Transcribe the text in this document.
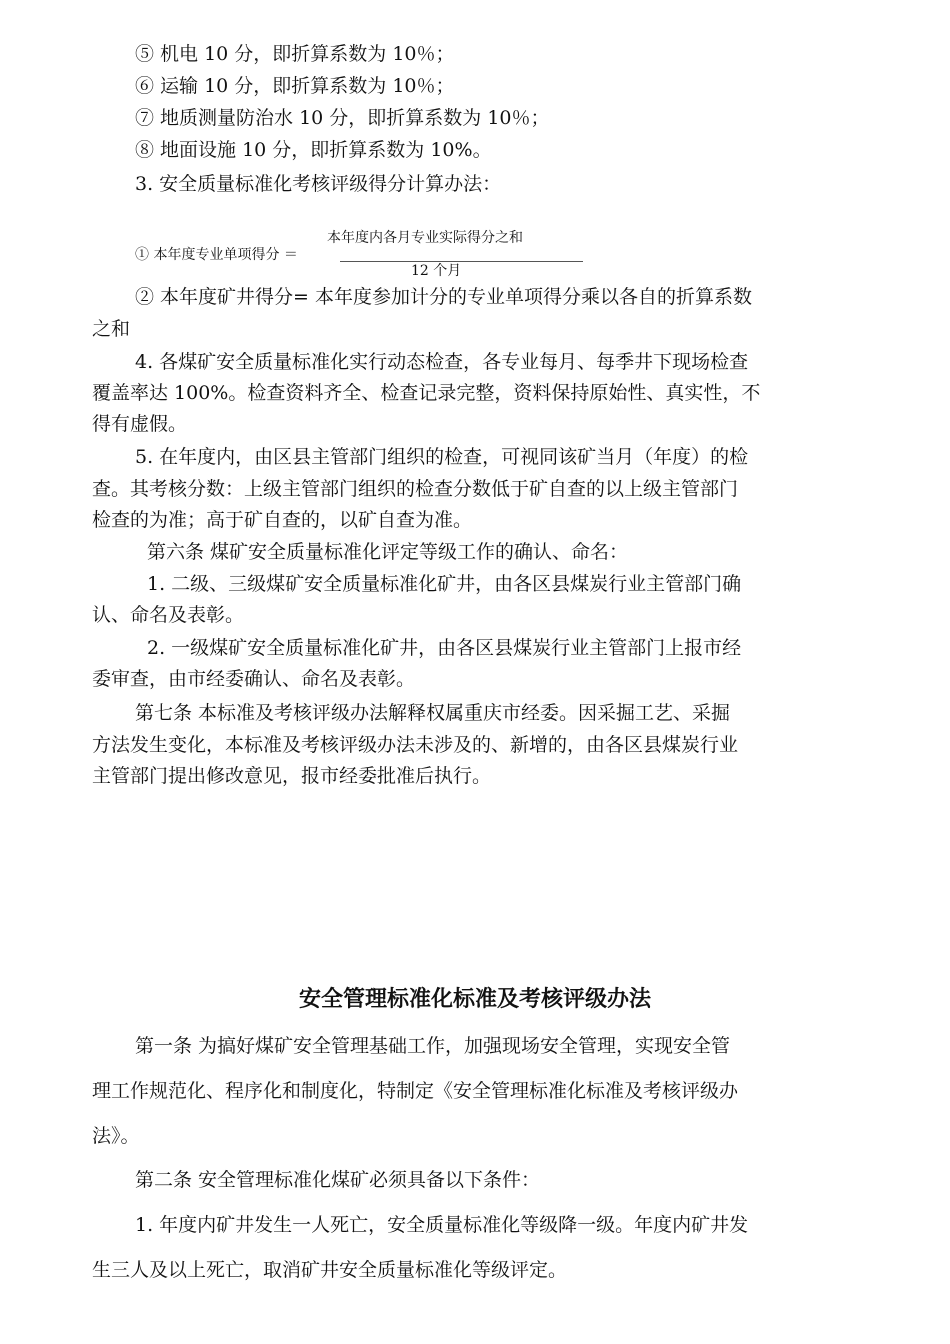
⑤ 机电 10 分，即折算系数为 10％；
⑥ 运输 10 分，即折算系数为 10％；
⑦ 地质测量防治水 10 分，即折算系数为 10％；
⑧ 地面设施 10 分，即折算系数为 10%。
3. 安全质量标准化考核评级得分计算办法：
本年度内各月专业实际得分之和
① 本年度专业单项得分 ＝
12 个月
② 本年度矿井得分= 本年度参加计分的专业单项得分乘以各自的折算系数
之和
4. 各煤矿安全质量标准化实行动态检查，各专业每月、每季井下现场检查
覆盖率达 100%。检查资料齐全、检查记录完整，资料保持原始性、真实性，不
得有虚假。
5. 在年度内，由区县主管部门组织的检查，可视同该矿当月（年度）的检
查。其考核分数：上级主管部门组织的检查分数低于矿自查的以上级主管部门
检查的为准；高于矿自查的，以矿自查为准。
第六条 煤矿安全质量标准化评定等级工作的确认、命名：
1. 二级、三级煤矿安全质量标准化矿井，由各区县煤炭行业主管部门确
认、命名及表彰。
2. 一级煤矿安全质量标准化矿井，由各区县煤炭行业主管部门上报市经
委审查，由市经委确认、命名及表彰。
第七条 本标准及考核评级办法解释权属重庆市经委。因采掘工艺、采掘
方法发生变化，本标准及考核评级办法未涉及的、新增的，由各区县煤炭行业
主管部门提出修改意见，报市经委批准后执行。
安全管理标准化标准及考核评级办法
第一条 为搞好煤矿安全管理基础工作，加强现场安全管理，实现安全管
理工作规范化、程序化和制度化，特制定《安全管理标准化标准及考核评级办
法》。
第二条 安全管理标准化煤矿必须具备以下条件：
1. 年度内矿井发生一人死亡，安全质量标准化等级降一级。年度内矿井发
生三人及以上死亡，取消矿井安全质量标准化等级评定。
